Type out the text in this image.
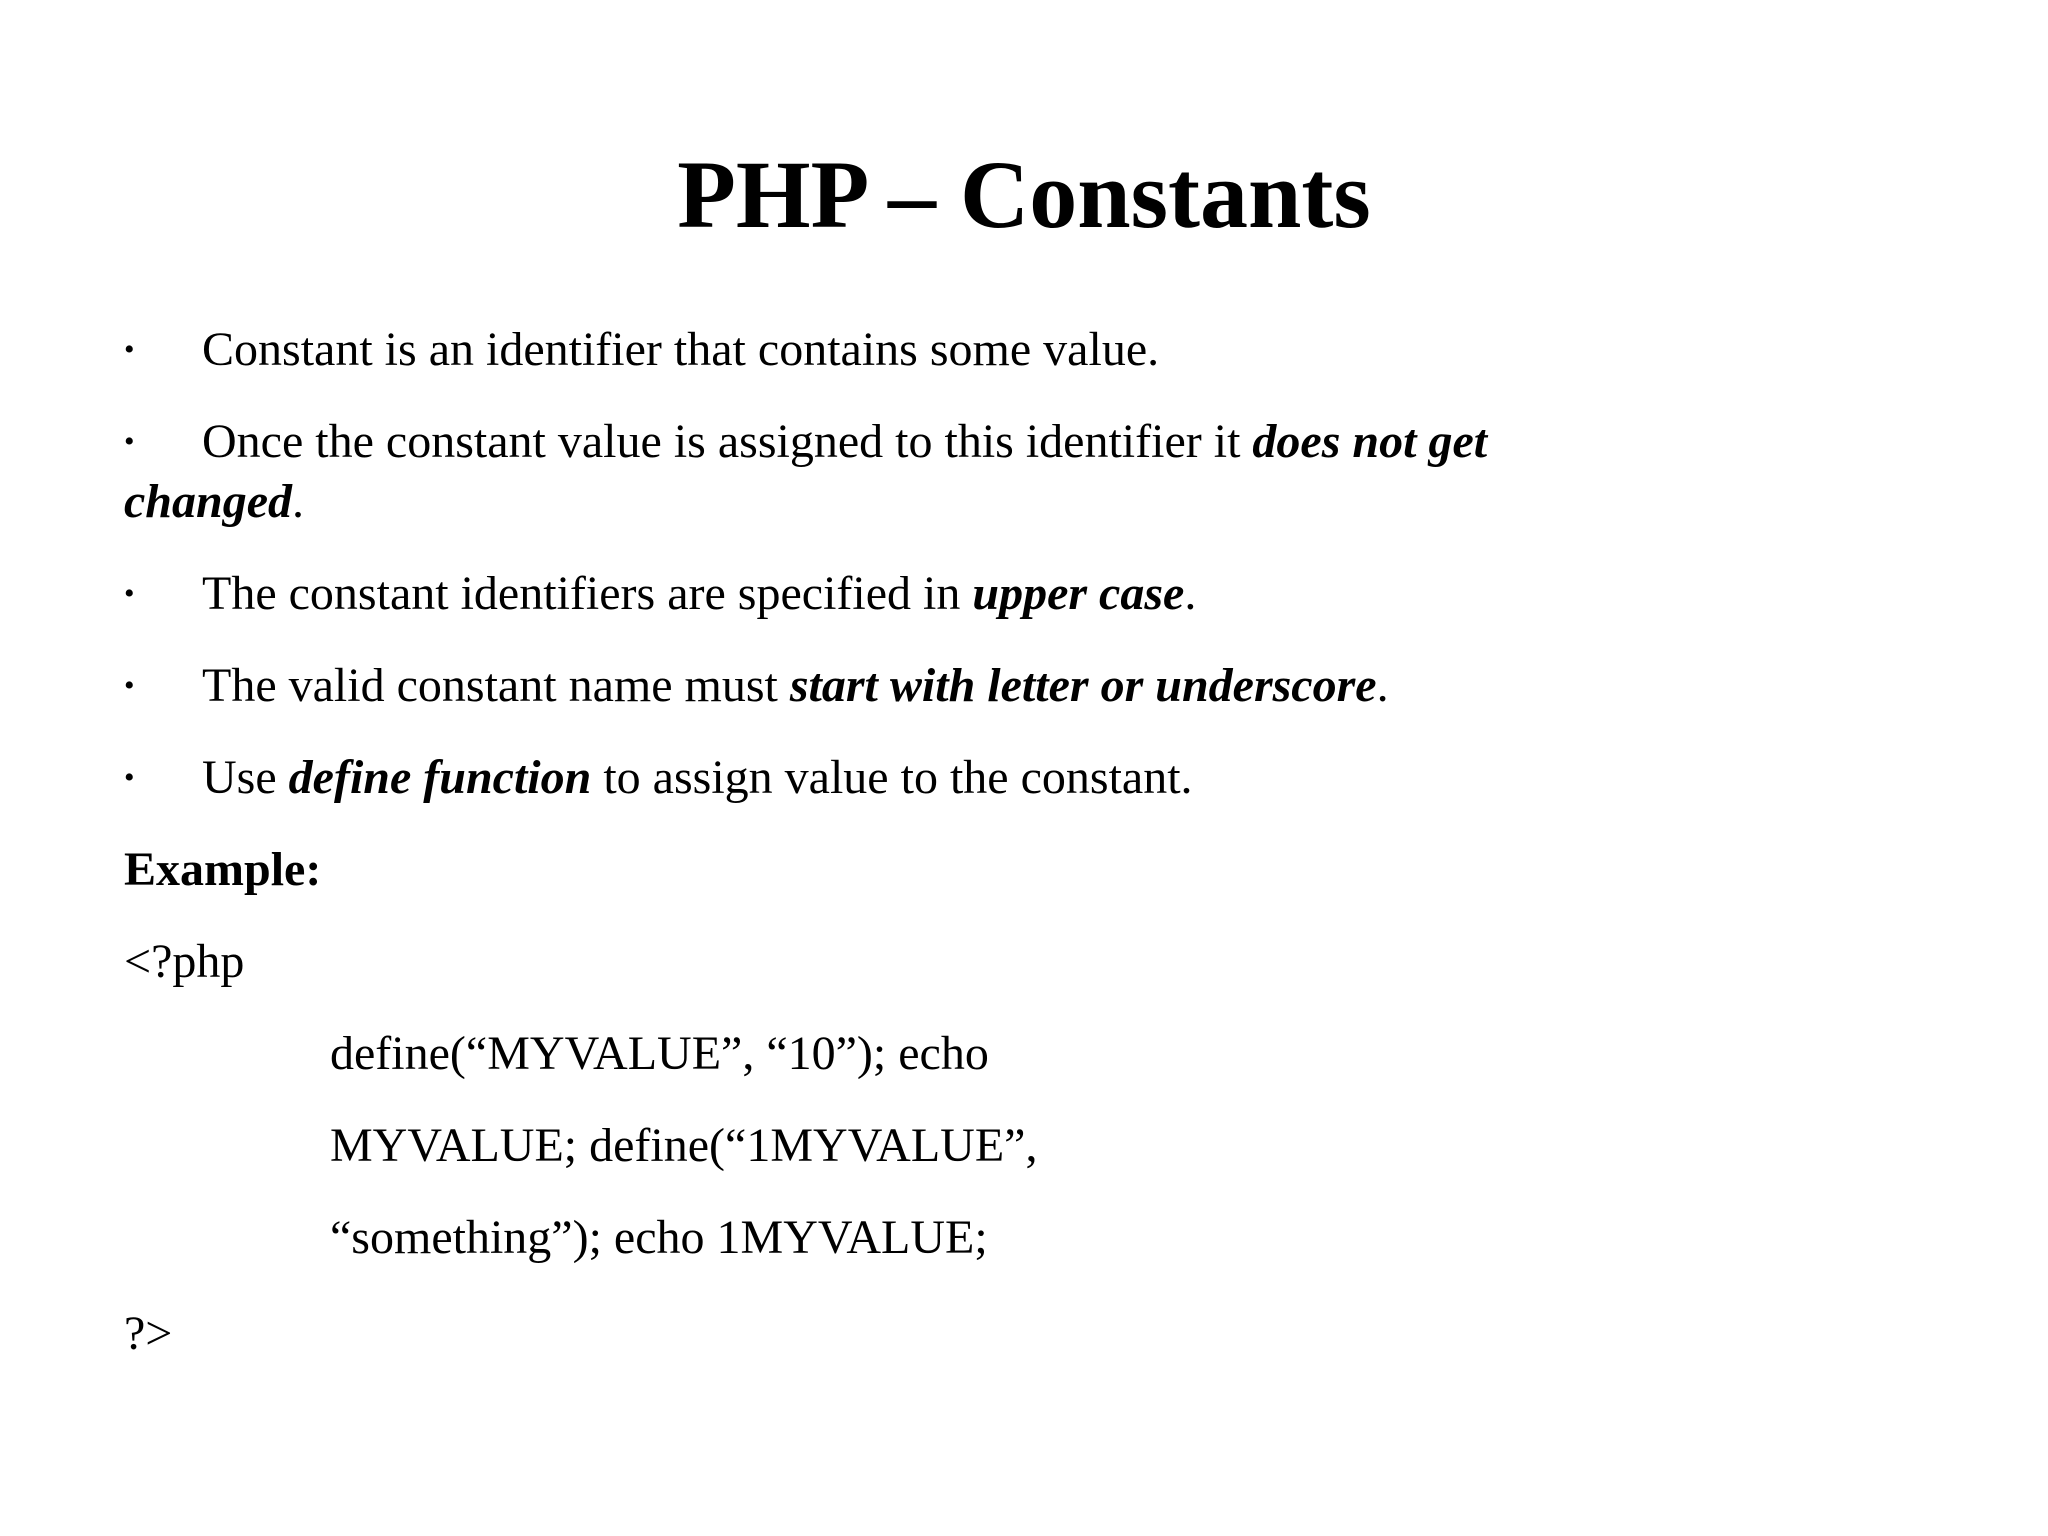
PHP – Constants
• Constant is an identifier that contains some value.
• Once the constant value is assigned to this identifier it does not get
changed.
• The constant identifiers are specified in upper case.
• The valid constant name must start with letter or underscore.
• Use define function to assign value to the constant.
Example:
<?php
define(“MYVALUE”, “10”); echo
MYVALUE; define(“1MYVALUE”,
“something”); echo 1MYVALUE;
?>
